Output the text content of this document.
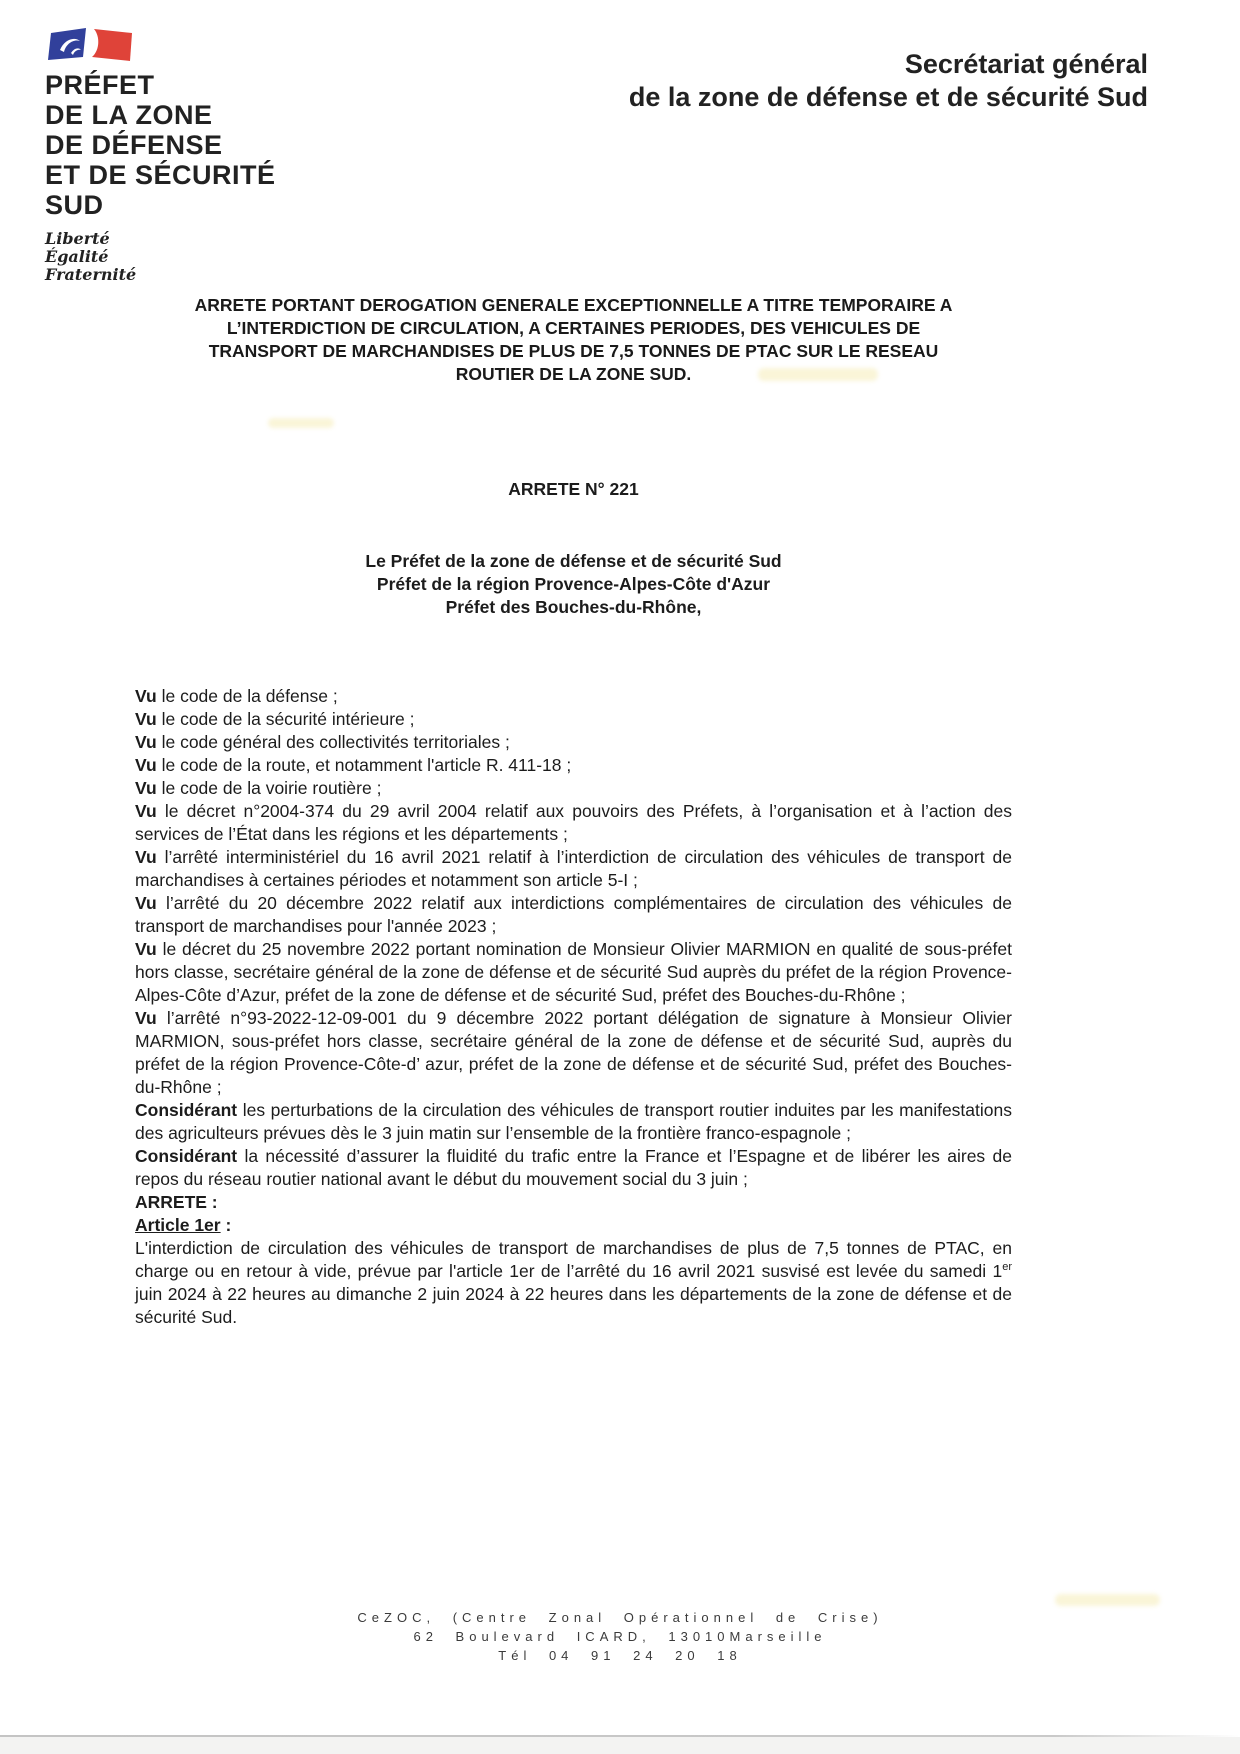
PRÉFET
DE LA ZONE
DE DÉFENSE
ET DE SÉCURITÉ
SUD
Liberté
Égalité
Fraternité
Secrétariat général
de la zone de défense et de sécurité Sud
ARRETE PORTANT DEROGATION GENERALE EXCEPTIONNELLE A TITRE TEMPORAIRE A
L’INTERDICTION DE CIRCULATION, A CERTAINES PERIODES, DES VEHICULES DE
TRANSPORT DE MARCHANDISES DE PLUS DE 7,5 TONNES DE PTAC SUR LE RESEAU
ROUTIER DE LA ZONE SUD.
ARRETE N° 221
Le Préfet de la zone de défense et de sécurité Sud
Préfet de la région Provence-Alpes-Côte d'Azur
Préfet des Bouches-du-Rhône,

Vu le code de la défense ;

Vu le code de la sécurité intérieure ;

Vu le code général des collectivités territoriales ;

Vu le code de la route, et notamment l'article R. 411-18 ;

Vu le code de la voirie routière ;

Vu le décret n°2004-374 du 29 avril 2004 relatif aux pouvoirs des Préfets, à l’organisation et à l’action des services de l’État dans les régions et les départements ;

Vu l’arrêté interministériel du 16 avril 2021 relatif à l’interdiction de circulation des véhicules de transport de marchandises à certaines périodes et notamment son article 5-I ;

Vu l’arrêté du 20 décembre 2022 relatif aux interdictions complémentaires de circulation des véhicules de transport de marchandises pour l'année 2023 ;

Vu le décret du 25 novembre 2022 portant nomination de Monsieur Olivier MARMION en qualité de sous-préfet hors classe, secrétaire général de la zone de défense et de sécurité Sud auprès du préfet de la région Provence-Alpes-Côte d’Azur, préfet de la zone de défense et de sécurité Sud, préfet des Bouches-du-Rhône ;

Vu l’arrêté n°93-2022-12-09-001 du 9 décembre 2022 portant délégation de signature à Monsieur Olivier MARMION, sous-préfet hors classe, secrétaire général de la zone de défense et de sécurité Sud, auprès du préfet de la région Provence-Côte-d’ azur, préfet de la zone de défense et de sécurité Sud, préfet des Bouches-du-Rhône ;

Considérant les perturbations de la circulation des véhicules de transport routier induites par les manifestations des agriculteurs prévues dès le 3 juin matin sur l’ensemble de la frontière franco-espagnole ;

Considérant la nécessité d’assurer la fluidité du trafic entre la France et l’Espagne et de libérer les aires de repos du réseau routier national avant le début du mouvement social du 3 juin ;

ARRETE :

Article 1er :

L'interdiction de circulation des véhicules de transport de marchandises de plus de 7,5 tonnes de PTAC, en charge ou en retour à vide, prévue par l'article 1er de l’arrêté du 16 avril 2021 susvisé est levée du samedi 1er juin 2024 à 22 heures au dimanche 2 juin 2024 à 22 heures dans les départements de la zone de défense et de sécurité Sud.

CeZOC, (Centre Zonal Opérationnel de Crise)
62 Boulevard ICARD, 13010Marseille
Tél 04 91 24 20 18
